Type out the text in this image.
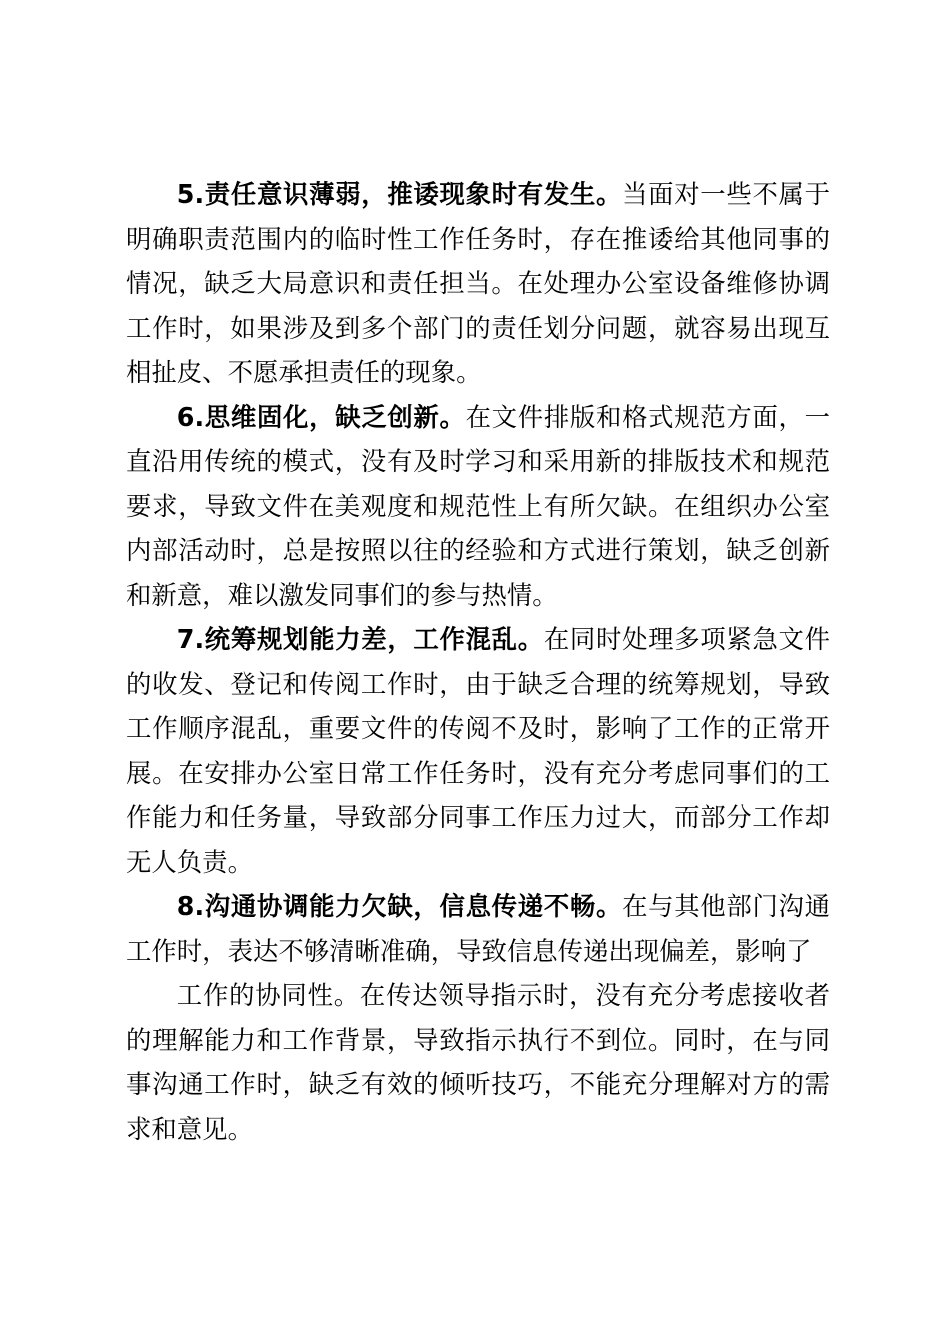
5.责任意识薄弱，推诿现象时有发生。当面对一些不属于明确职责范围内的临时性工作任务时，存在推诿给其他同事的情况，缺乏大局意识和责任担当。在处理办公室设备维修协调工作时，如果涉及到多个部门的责任划分问题，就容易出现互相扯皮、不愿承担责任的现象。

6.思维固化，缺乏创新。在文件排版和格式规范方面，一直沿用传统的模式，没有及时学习和采用新的排版技术和规范要求，导致文件在美观度和规范性上有所欠缺。在组织办公室内部活动时，总是按照以往的经验和方式进行策划，缺乏创新和新意，难以激发同事们的参与热情。

7.统筹规划能力差，工作混乱。在同时处理多项紧急文件的收发、登记和传阅工作时，由于缺乏合理的统筹规划，导致工作顺序混乱，重要文件的传阅不及时，影响了工作的正常开展。在安排办公室日常工作任务时，没有充分考虑同事们的工作能力和任务量，导致部分同事工作压力过大，而部分工作却无人负责。

8.沟通协调能力欠缺，信息传递不畅。在与其他部门沟通工作时，表达不够清晰准确，导致信息传递出现偏差，影响了

工作的协同性。在传达领导指示时，没有充分考虑接收者的理解能力和工作背景，导致指示执行不到位。同时，在与同事沟通工作时，缺乏有效的倾听技巧，不能充分理解对方的需求和意见。
